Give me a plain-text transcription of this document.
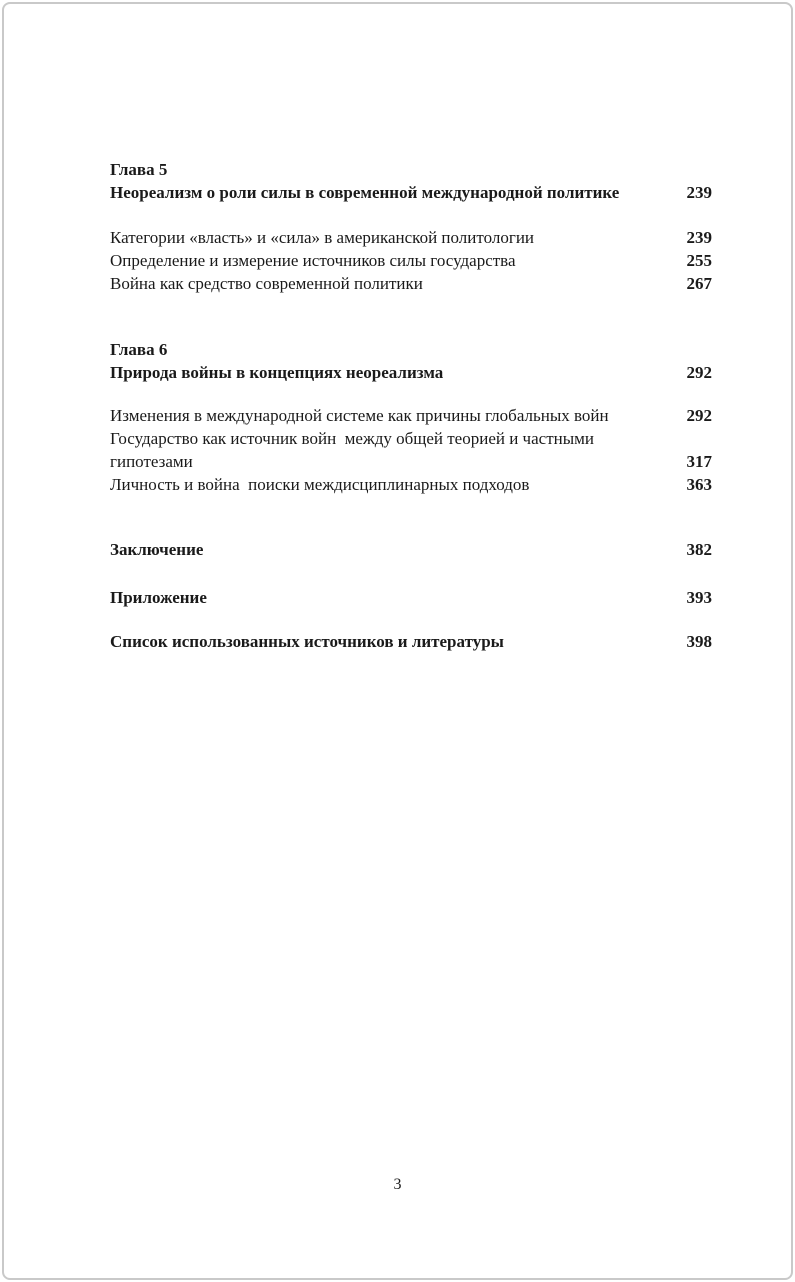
Глава 5
Неореализм о роли силы в современной международной политике	239
Категории «власть» и «сила» в американской политологии	239
Определение и измерение источников силы государства	255
Война как средство современной политики	267
Глава 6
Природа войны в концепциях неореализма	292
Изменения в международной системе как причины глобальных войн	292
Государство как источник войн  между общей теорией и частными гипотезами	317
Личность и война  поиски междисциплинарных подходов	363
Заключение	382
Приложение	393
Список использованных источников и литературы	398
3
